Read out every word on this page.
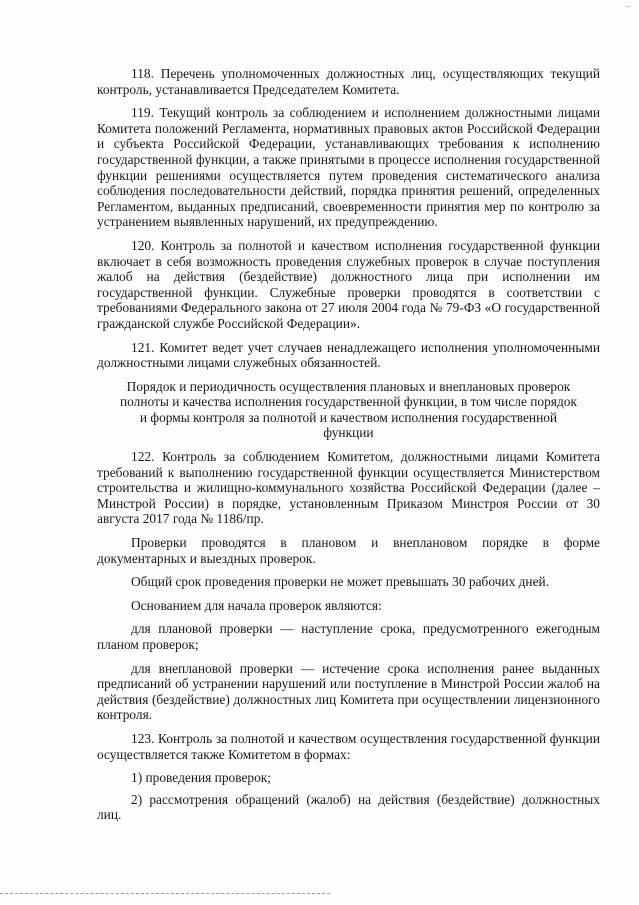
118. Перечень уполномоченных должностных лиц, осуществляющих текущий контроль, устанавливается Председателем Комитета.

119. Текущий контроль за соблюдением и исполнением должностными лицами Комитета положений Регламента, нормативных правовых актов Российской Федерации и субъекта Российской Федерации, устанавливающих требования к исполнению государственной функции, а также принятыми в процессе исполнения государственной функции решениями осуществляется путем проведения систематического анализа соблюдения последовательности действий, порядка принятия решений, определенных Регламентом, выданных предписаний, своевременности принятия мер по контролю за устранением выявленных нарушений, их предупреждению.

120. Контроль за полнотой и качеством исполнения государственной функции включает в себя возможность проведения служебных проверок в случае поступления жалоб на действия (бездействие) должностного лица при исполнении им государственной функции. Служебные проверки проводятся в соответствии с требованиями Федерального закона от 27 июля 2004 года № 79-ФЗ «О государственной гражданской службе Российской Федерации».

121. Комитет ведет учет случаев ненадлежащего исполнения уполномоченными должностными лицами служебных обязанностей.

Порядок и периодичность осуществления плановых и внеплановых проверок полноты и качества исполнения государственной функции, в том числе порядок и формы контроля за полнотой и качеством исполнения государственной функции

122. Контроль за соблюдением Комитетом, должностными лицами Комитета требований к выполнению государственной функции осуществляется Министерством строительства и жилищно-коммунального хозяйства Российской Федерации (далее – Минстрой России) в порядке, установленным Приказом Минстроя России от 30 августа 2017 года № 1186/пр.

Проверки проводятся в плановом и внеплановом порядке в форме документарных и выездных проверок.

Общий срок проведения проверки не может превышать 30 рабочих дней.

Основанием для начала проверок являются:

для плановой проверки — наступление срока, предусмотренного ежегодным планом проверок;

для внеплановой проверки — истечение срока исполнения ранее выданных предписаний об устранении нарушений или поступление в Минстрой России жалоб на действия (бездействие) должностных лиц Комитета при осуществлении лицензионного контроля.

123. Контроль за полнотой и качеством осуществления государственной функции осуществляется также Комитетом в формах:

1) проведения проверок;

2) рассмотрения обращений (жалоб) на действия (бездействие) должностных лиц.
